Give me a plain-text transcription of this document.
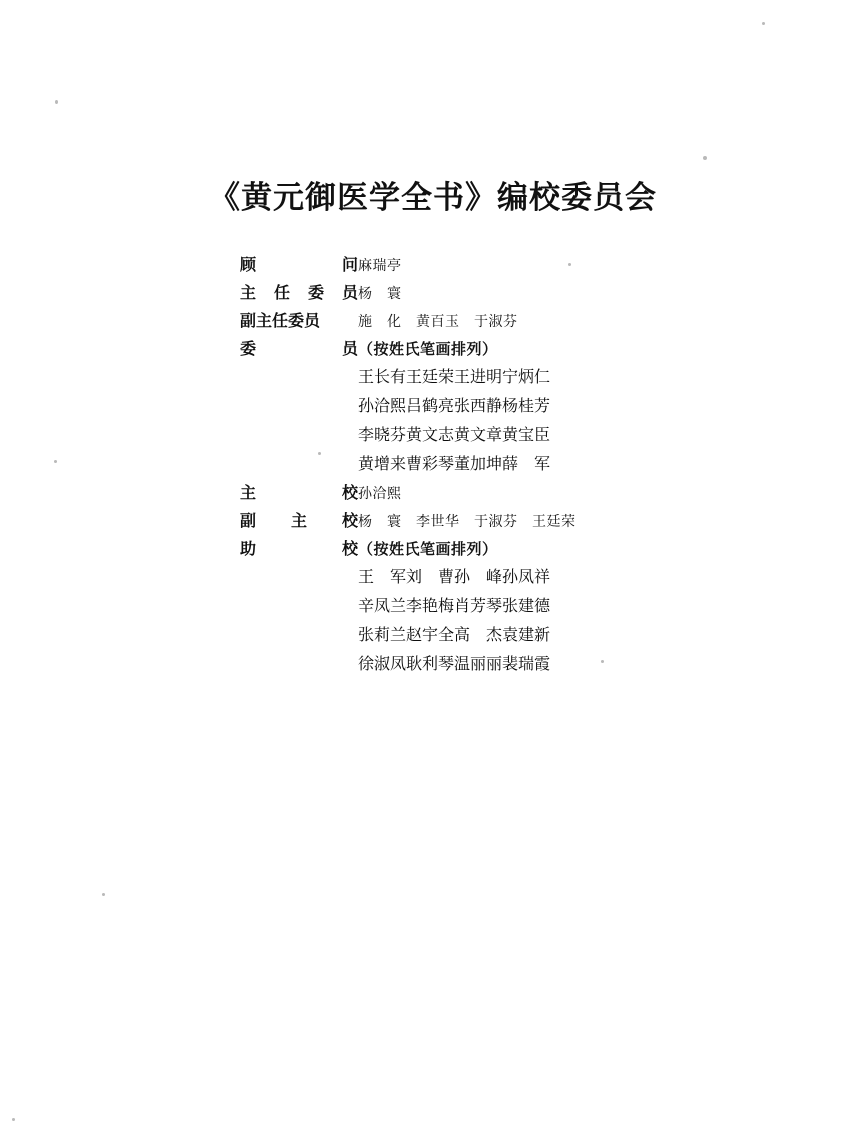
《黄元御医学全书》编校委员会
顾	问 麻瑞亭
主 任 委 员 杨　寰
副主任委员	施　化　黄百玉　于淑芬
委	员 （按姓氏笔画排列）
王长有 王廷荣 王进明 宁炳仁
孙洽熙 吕鹤亮 张西静 杨桂芳
李晓芬 黄文志 黄文章 黄宝臣
黄增来 曹彩琴 董加坤 薛　军
主	校 孙洽熙
副 主 校 杨　寰　李世华　于淑芬　王廷荣
助	校 （按姓氏笔画排列）
王　军 刘　曹 孙　峰 孙凤祥
辛凤兰 李艳梅 肖芳琴 张建德
张莉兰 赵宇全 高　杰 袁建新
徐淑凤 耿利琴 温丽丽 裴瑞霞
